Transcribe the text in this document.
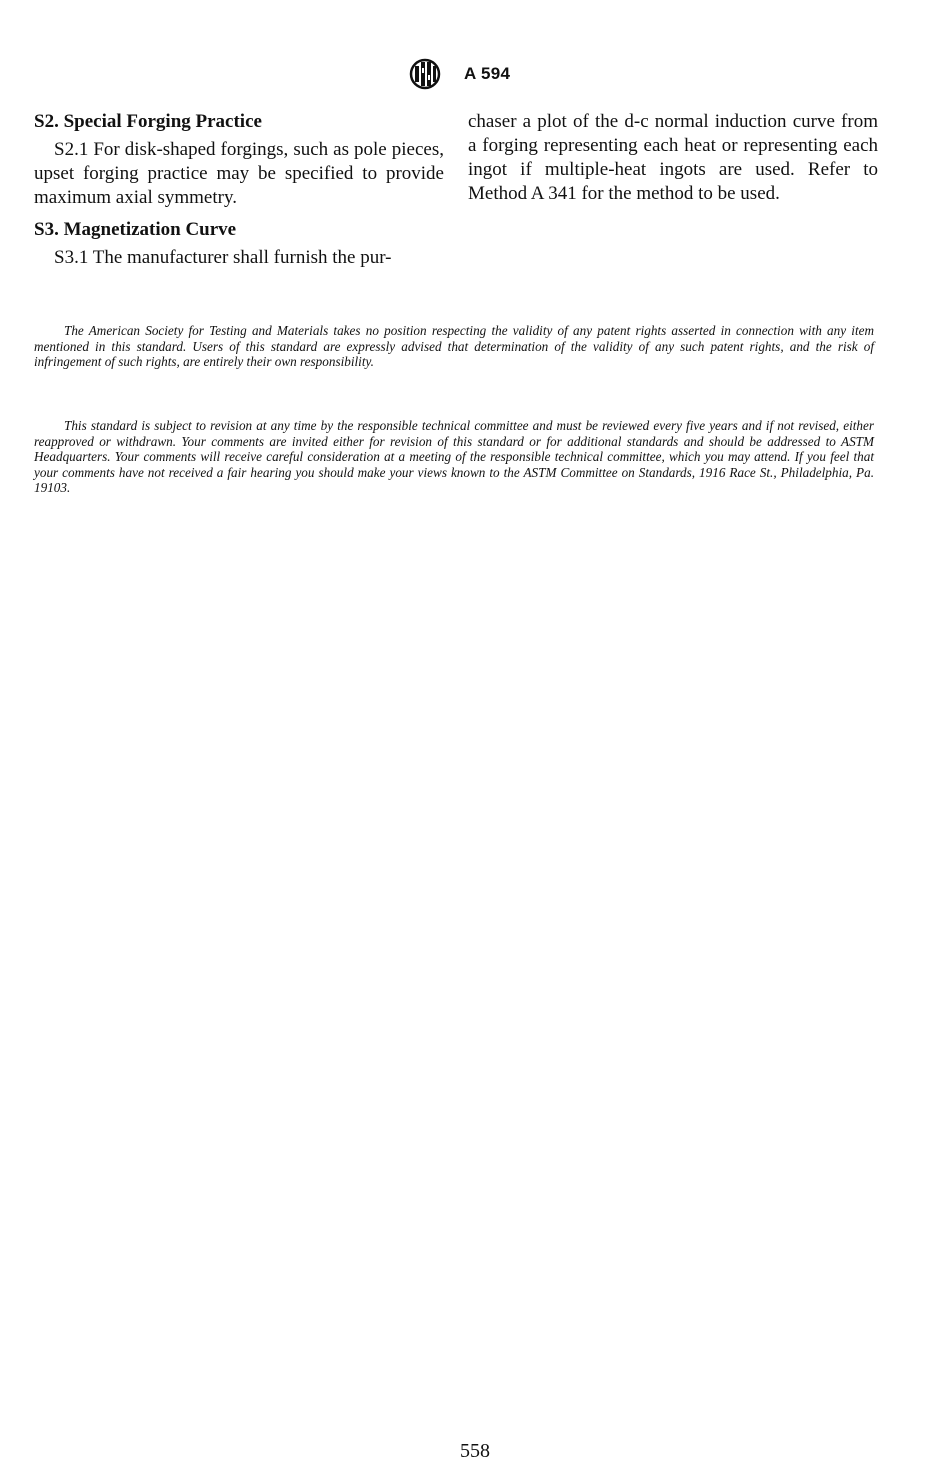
A 594

S2. Special Forging Practice

S2.1 For disk-shaped forgings, such as pole pieces, upset forging practice may be specified to provide maximum axial symmetry.

S3. Magnetization Curve

S3.1 The manufacturer shall furnish the pur-

chaser a plot of the d-c normal induction curve from a forging representing each heat or representing each ingot if multiple-heat ingots are used. Refer to Method A 341 for the method to be used.

The American Society for Testing and Materials takes no position respecting the validity of any patent rights asserted in connection with any item mentioned in this standard. Users of this standard are expressly advised that determination of the validity of any such patent rights, and the risk of infringement of such rights, are entirely their own responsibility.

This standard is subject to revision at any time by the responsible technical committee and must be reviewed every five years and if not revised, either reapproved or withdrawn. Your comments are invited either for revision of this standard or for additional standards and should be addressed to ASTM Headquarters. Your comments will receive careful consideration at a meeting of the responsible technical committee, which you may attend. If you feel that your comments have not received a fair hearing you should make your views known to the ASTM Committee on Standards, 1916 Race St., Philadelphia, Pa. 19103.

558
